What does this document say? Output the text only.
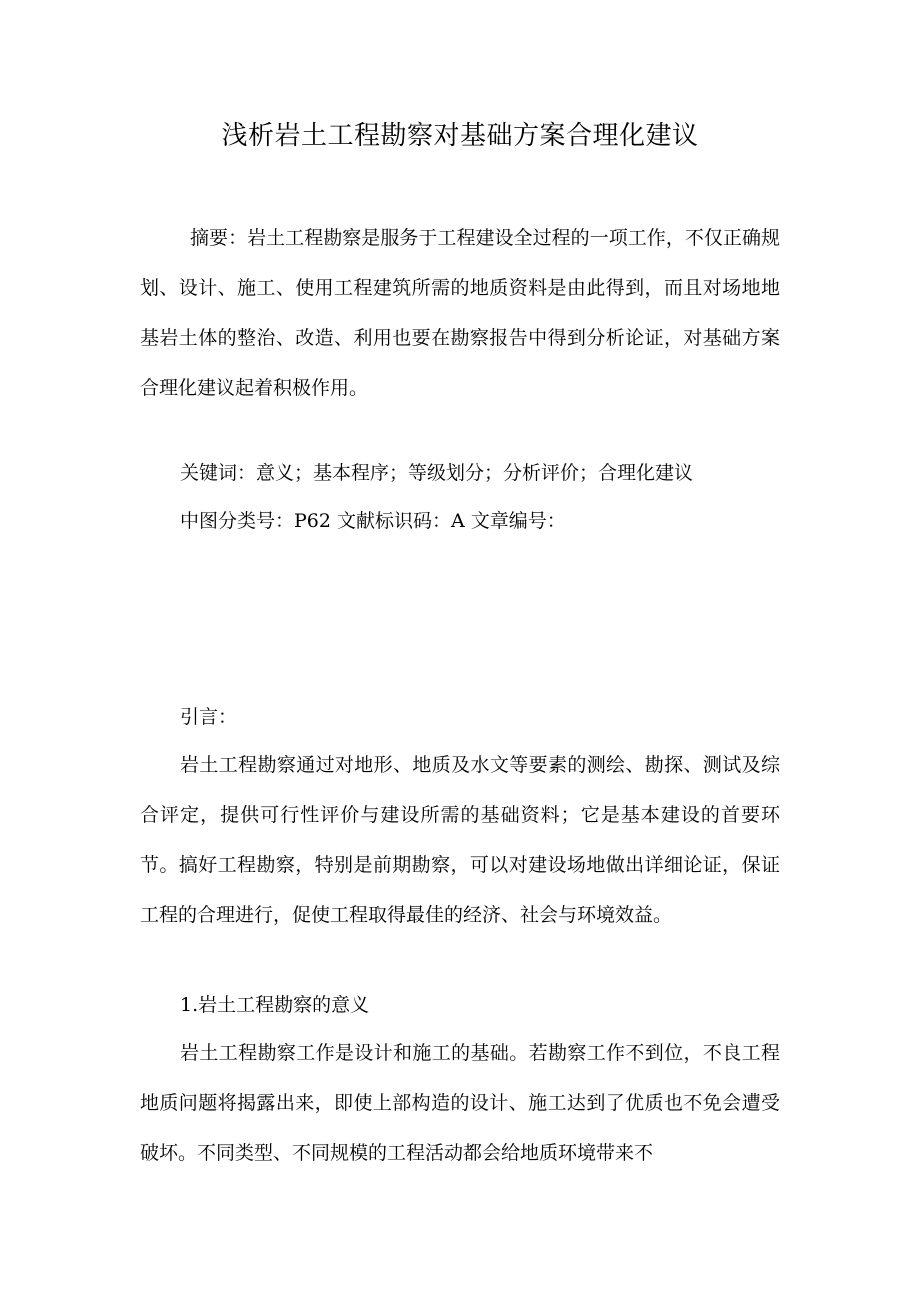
浅析岩土工程勘察对基础方案合理化建议

摘要：岩土工程勘察是服务于工程建设全过程的一项工作，不仅正确规划、设计、施工、使用工程建筑所需的地质资料是由此得到，而且对场地地基岩土体的整治、改造、利用也要在勘察报告中得到分析论证，对基础方案合理化建议起着积极作用。

关键词：意义；基本程序；等级划分；分析评价；合理化建议

中图分类号：P62 文献标识码：A 文章编号：

引言：

岩土工程勘察通过对地形、地质及水文等要素的测绘、勘探、测试及综合评定，提供可行性评价与建设所需的基础资料；它是基本建设的首要环节。搞好工程勘察，特别是前期勘察，可以对建设场地做出详细论证，保证工程的合理进行，促使工程取得最佳的经济、社会与环境效益。

1.岩土工程勘察的意义

岩土工程勘察工作是设计和施工的基础。若勘察工作不到位，不良工程地质问题将揭露出来，即使上部构造的设计、施工达到了优质也不免会遭受破坏。不同类型、不同规模的工程活动都会给地质环境带来不
